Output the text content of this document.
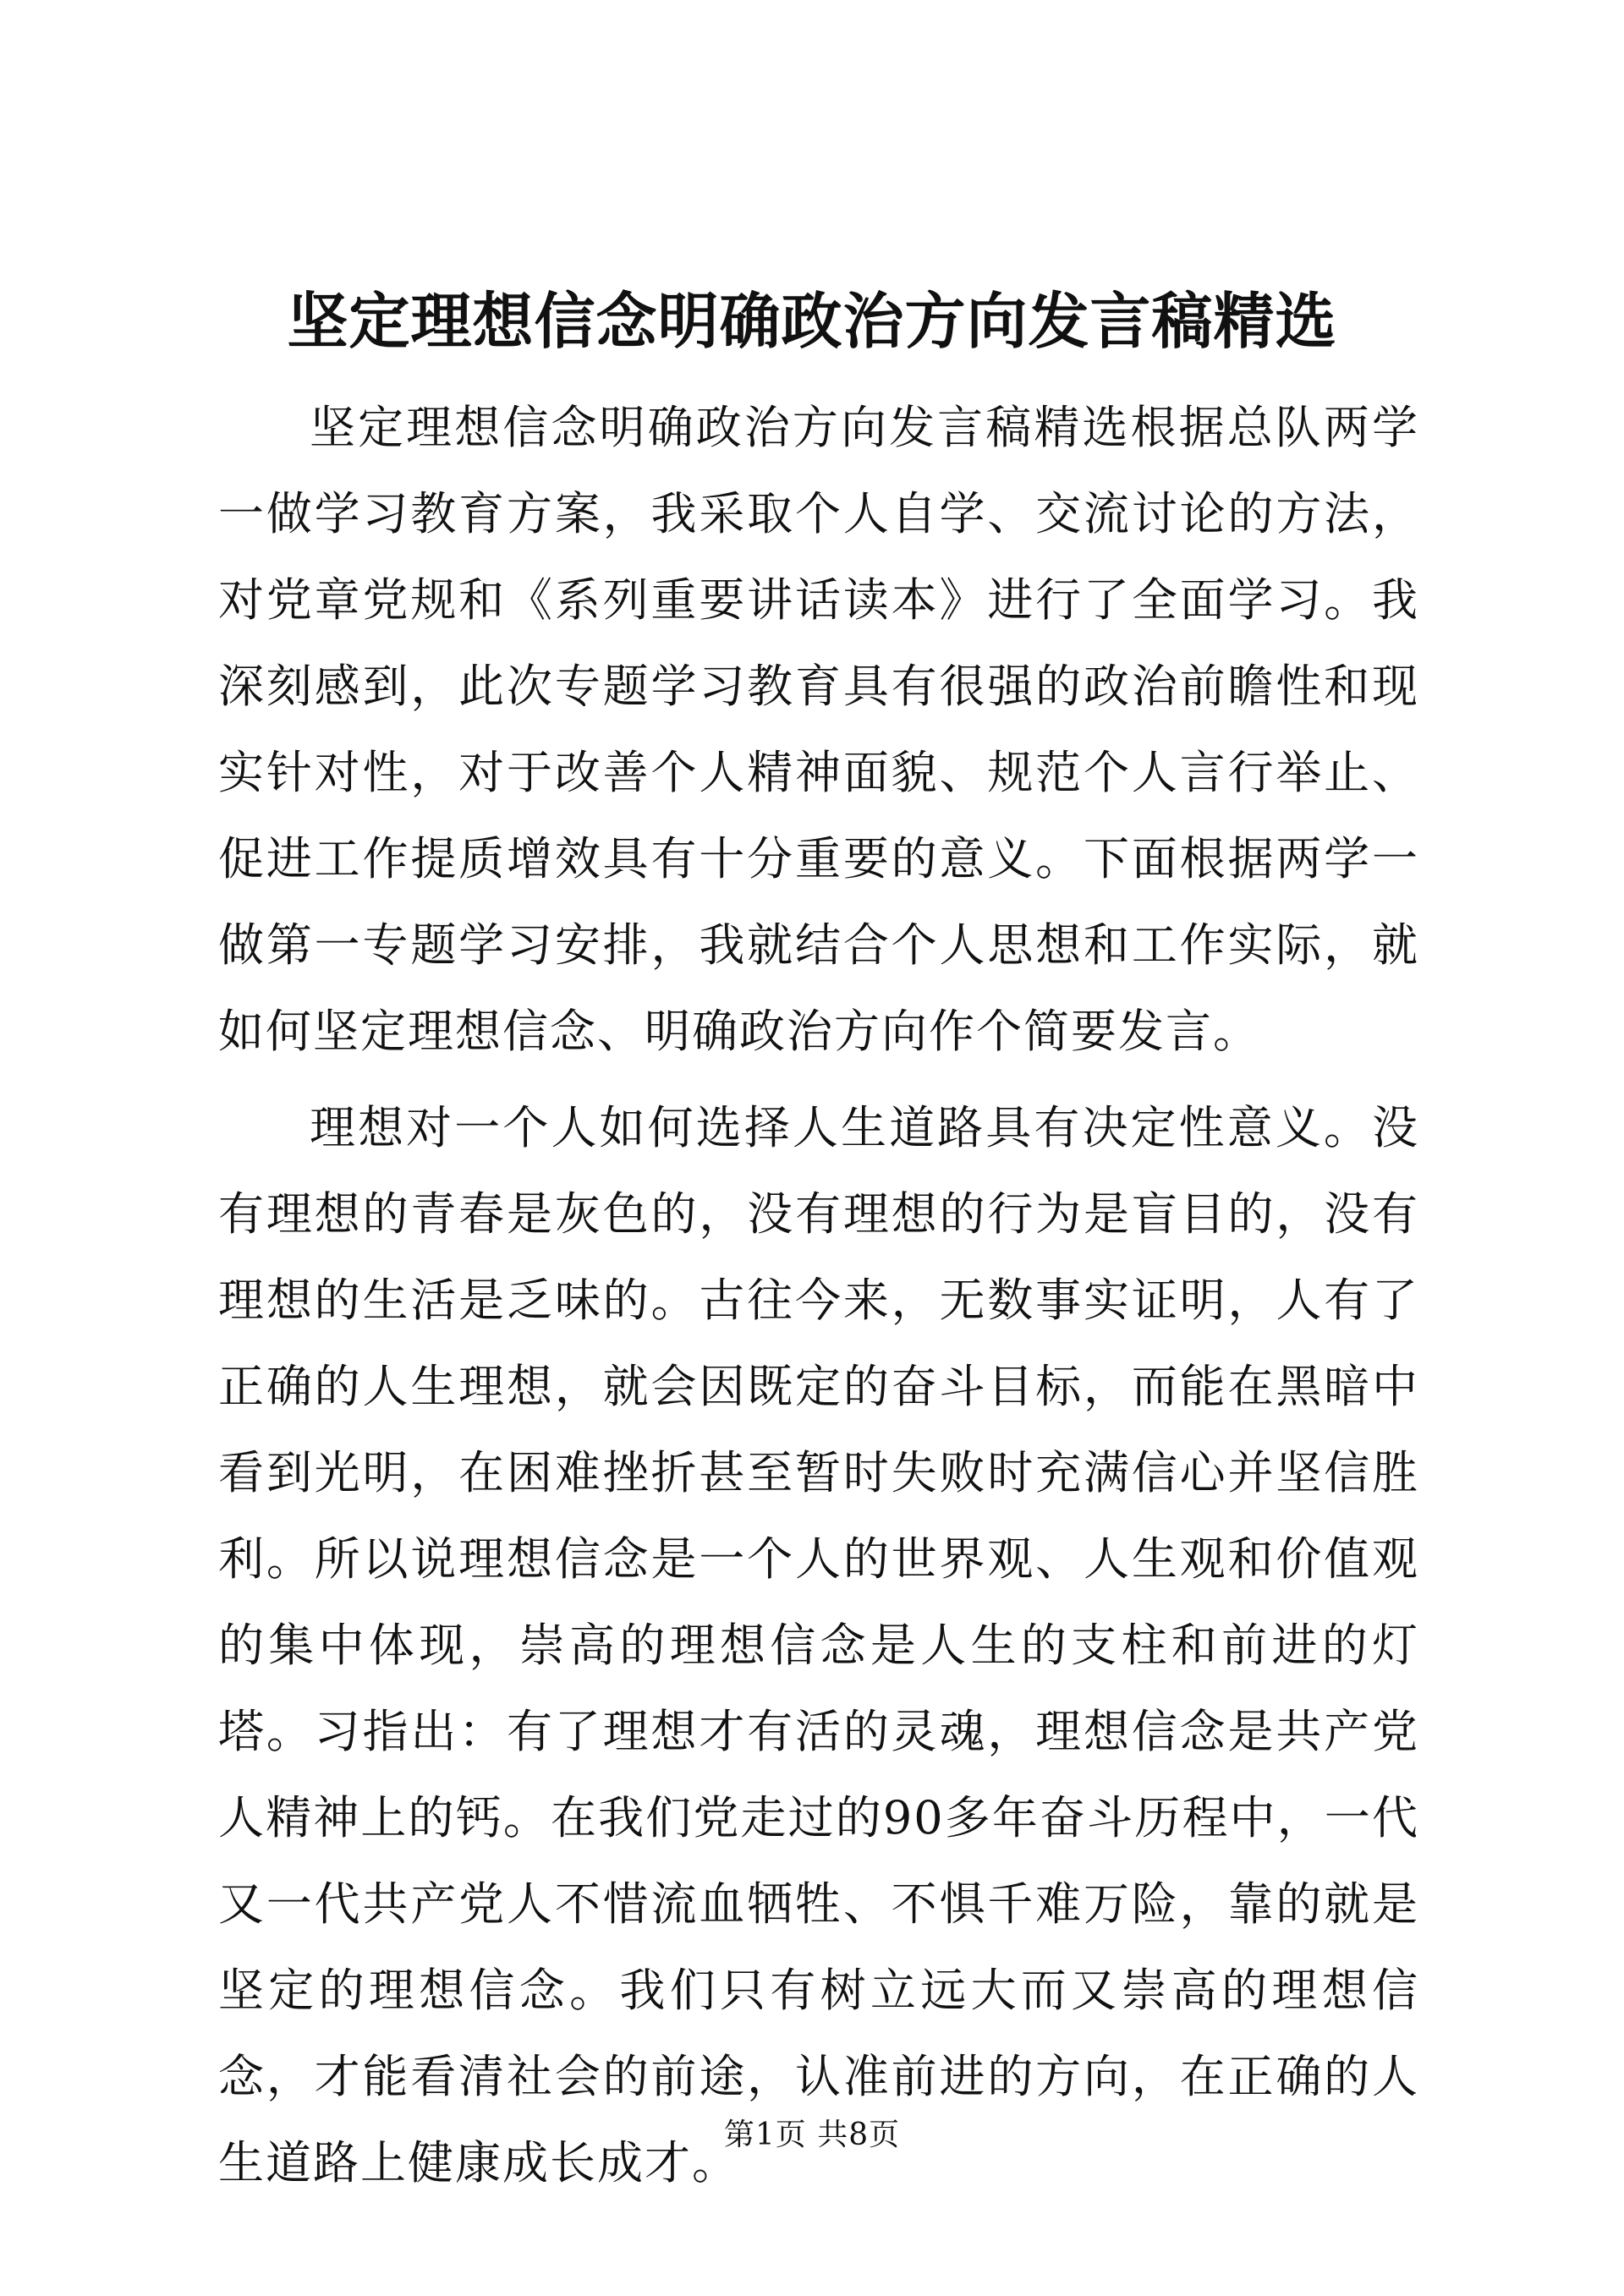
坚定理想信念明确政治方向发言稿精选

坚定理想信念明确政治方向发言稿精选根据总队两学一做学习教育方案，我采取个人自学、交流讨论的方法，对党章党规和《系列重要讲话读本》进行了全面学习。我深刻感到，此次专题学习教育具有很强的政治前瞻性和现实针对性，对于改善个人精神面貌、规范个人言行举止、促进工作提质增效具有十分重要的意义。下面根据两学一做第一专题学习安排，我就结合个人思想和工作实际，就如何坚定理想信念、明确政治方向作个简要发言。

理想对一个人如何选择人生道路具有决定性意义。没有理想的青春是灰色的，没有理想的行为是盲目的，没有理想的生活是乏味的。古往今来，无数事实证明，人有了正确的人生理想，就会因既定的奋斗目标，而能在黑暗中看到光明，在困难挫折甚至暂时失败时充满信心并坚信胜利。所以说理想信念是一个人的世界观、人生观和价值观的集中体现，崇高的理想信念是人生的支柱和前进的灯塔。习指出：有了理想才有活的灵魂，理想信念是共产党人精神上的钙。在我们党走过的90多年奋斗历程中，一代又一代共产党人不惜流血牺牲、不惧千难万险，靠的就是坚定的理想信念。我们只有树立远大而又崇高的理想信念，才能看清社会的前途，认准前进的方向，在正确的人生道路上健康成长成才。

第1页 共8页
